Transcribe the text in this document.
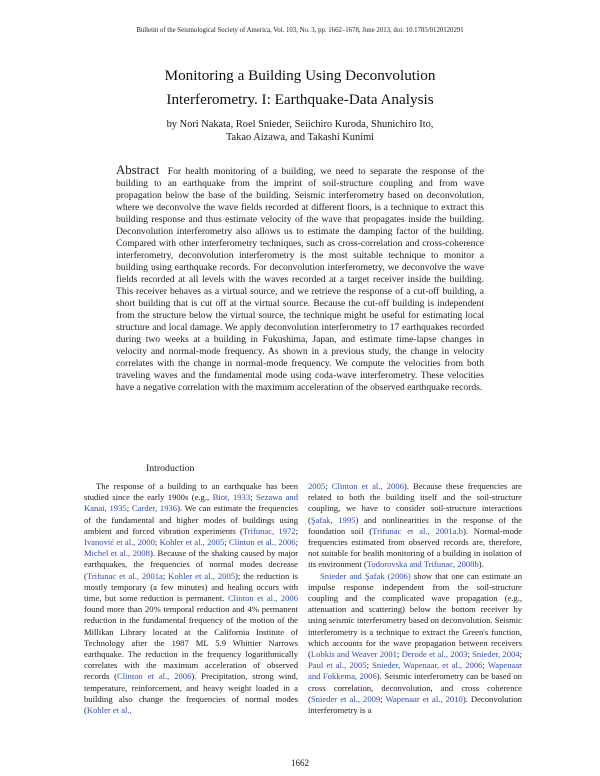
Bulletin of the Seismological Society of America, Vol. 103, No. 3, pp. 1662–1678, June 2013, doi: 10.1785/0120120291
Monitoring a Building Using Deconvolution
Interferometry. I: Earthquake-Data Analysis
by Nori Nakata, Roel Snieder, Seiichiro Kuroda, Shunichiro Ito,
Takao Aizawa, and Takashi Kunimi
Abstract For health monitoring of a building, we need to separate the response of the building to an earthquake from the imprint of soil-structure coupling and from wave propagation below the base of the building. Seismic interferometry based on deconvolution, where we deconvolve the wave fields recorded at different floors, is a technique to extract this building response and thus estimate velocity of the wave that propagates inside the building. Deconvolution interferometry also allows us to estimate the damping factor of the building. Compared with other interferometry techniques, such as cross-correlation and cross-coherence interferometry, deconvolution interferometry is the most suitable technique to monitor a building using earthquake records. For deconvolution interferometry, we deconvolve the wave fields recorded at all levels with the waves recorded at a target receiver inside the building. This receiver behaves as a virtual source, and we retrieve the response of a cut-off building, a short building that is cut off at the virtual source. Because the cut-off building is independent from the structure below the virtual source, the technique might be useful for estimating local structure and local damage. We apply deconvolution interferometry to 17 earthquakes recorded during two weeks at a building in Fukushima, Japan, and estimate time-lapse changes in velocity and normal-mode frequency. As shown in a previous study, the change in velocity correlates with the change in normal-mode frequency. We compute the velocities from both traveling waves and the fundamental mode using coda-wave interferometry. These velocities have a negative correlation with the maximum acceleration of the observed earthquake records.
Introduction

The response of a building to an earthquake has been studied since the early 1900s (e.g., Biot, 1933; Sezawa and Kanai, 1935; Carder, 1936). We can estimate the frequencies of the fundamental and higher modes of buildings using ambient and forced vibration experiments (Trifunac, 1972; Ivanović et al., 2000; Kohler et al., 2005; Clinton et al., 2006; Michel et al., 2008). Because of the shaking caused by major earthquakes, the frequencies of normal modes decrease (Trifunac et al., 2001a; Kohler et al., 2005); the reduction is mostly temporary (a few minutes) and healing occurs with time, but some reduction is permanent. Clinton et al., 2006 found more than 20% temporal reduction and 4% permanent reduction in the fundamental frequency of the motion of the Millikan Library located at the California Institute of Technology after the 1987 ML 5.9 Whittier Narrows earthquake. The reduction in the frequency logarithmically correlates with the maximum acceleration of observed records (Clinton et al., 2006). Precipitation, strong wind, temperature, reinforcement, and heavy weight loaded in a building also change the frequencies of normal modes (Kohler et al.,

2005; Clinton et al., 2006). Because these frequencies are related to both the building itself and the soil-structure coupling, we have to consider soil-structure interactions (Şafak, 1995) and nonlinearities in the response of the foundation soil (Trifunac et al., 2001a,b). Normal-mode frequencies estimated from observed records are, therefore, not suitable for health monitoring of a building in isolation of its environment (Todorovska and Trifunac, 2008b).

Snieder and Şafak (2006) show that one can estimate an impulse response independent from the soil-structure coupling and the complicated wave propagation (e.g., attenuation and scattering) below the bottom receiver by using seismic interferometry based on deconvolution. Seismic interferometry is a technique to extract the Green's function, which accounts for the wave propagation between receivers (Lobkis and Weaver 2001; Derode et al., 2003; Snieder, 2004; Paul et al., 2005; Snieder, Wapenaar, et al., 2006; Wapenaar and Fokkema, 2006). Seismic interferometry can be based on cross correlation, deconvolution, and cross coherence (Snieder et al., 2009; Wapenaar et al., 2010). Deconvolution interferometry is a

1662
